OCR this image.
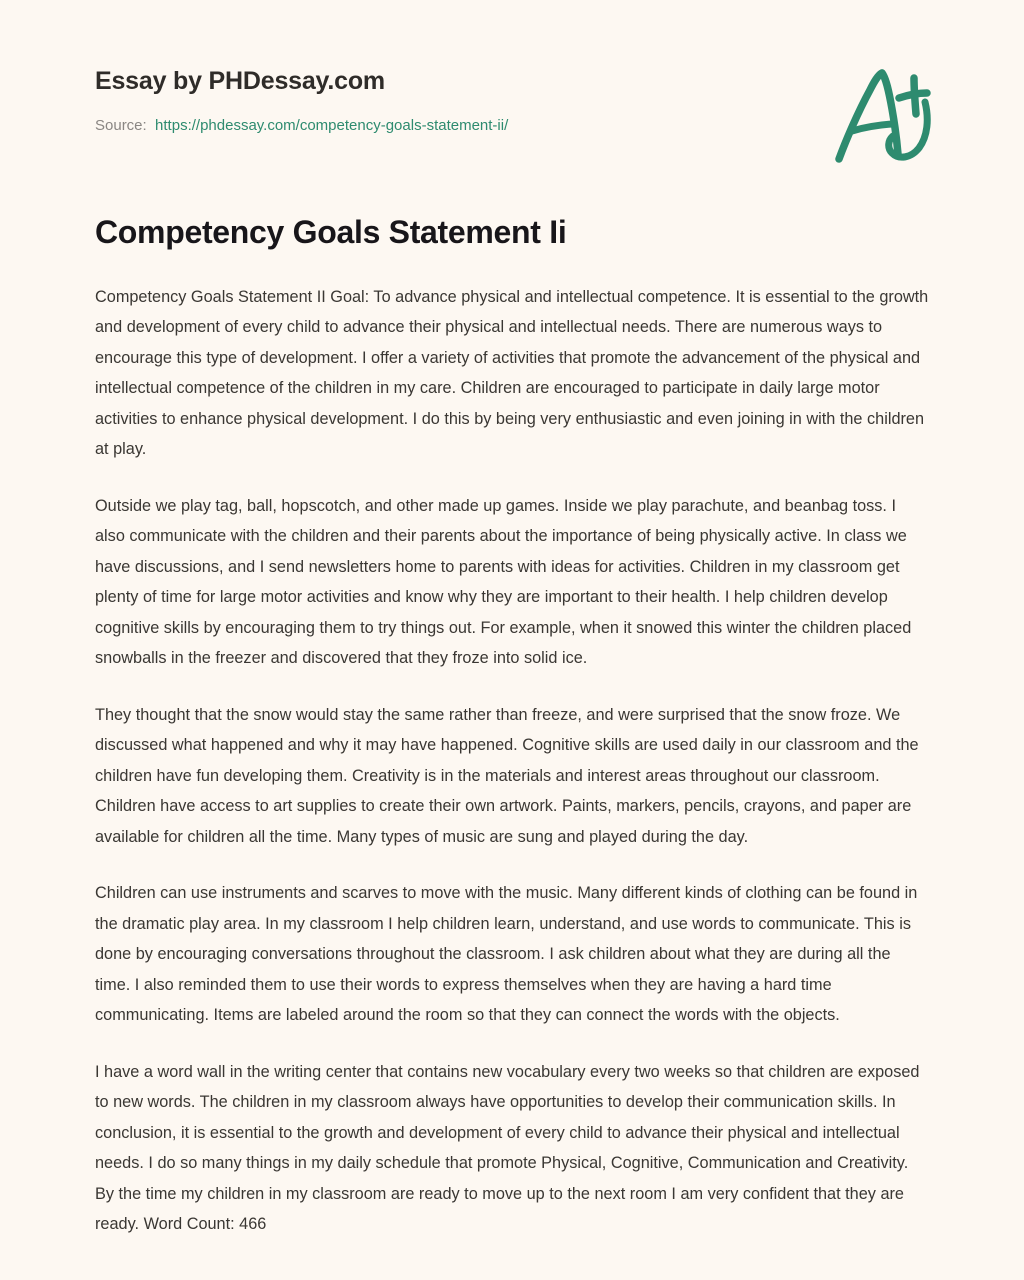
Essay by PHDessay.com
Source: https://phdessay.com/competency-goals-statement-ii/
Competency Goals Statement Ii

Competency Goals Statement II Goal: To advance physical and intellectual competence. It is essential to the growth and development of every child to advance their physical and intellectual needs. There are numerous ways to encourage this type of development. I offer a variety of activities that promote the advancement of the physical and intellectual competence of the children in my care. Children are encouraged to participate in daily large motor activities to enhance physical development. I do this by being very enthusiastic and even joining in with the children at play.

Outside we play tag, ball, hopscotch, and other made up games. Inside we play parachute, and beanbag toss. I also communicate with the children and their parents about the importance of being physically active. In class we have discussions, and I send newsletters home to parents with ideas for activities. Children in my classroom get plenty of time for large motor activities and know why they are important to their health. I help children develop cognitive skills by encouraging them to try things out. For example, when it snowed this winter the children placed snowballs in the freezer and discovered that they froze into solid ice.

They thought that the snow would stay the same rather than freeze, and were surprised that the snow froze. We discussed what happened and why it may have happened. Cognitive skills are used daily in our classroom and the children have fun developing them. Creativity is in the materials and interest areas throughout our classroom. Children have access to art supplies to create their own artwork. Paints, markers, pencils, crayons, and paper are available for children all the time. Many types of music are sung and played during the day.

Children can use instruments and scarves to move with the music. Many different kinds of clothing can be found in the dramatic play area. In my classroom I help children learn, understand, and use words to communicate. This is done by encouraging conversations throughout the classroom. I ask children about what they are during all the time. I also reminded them to use their words to express themselves when they are having a hard time communicating. Items are labeled around the room so that they can connect the words with the objects.

I have a word wall in the writing center that contains new vocabulary every two weeks so that children are exposed to new words. The children in my classroom always have opportunities to develop their communication skills. In conclusion, it is essential to the growth and development of every child to advance their physical and intellectual needs. I do so many things in my daily schedule that promote Physical, Cognitive, Communication and Creativity. By the time my children in my classroom are ready to move up to the next room I am very confident that they are ready. Word Count: 466
